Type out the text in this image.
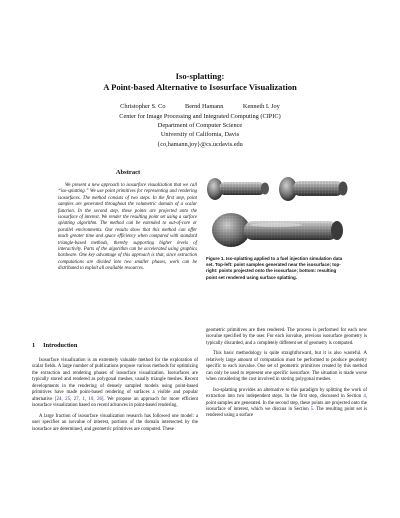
Iso-splatting:
A Point-based Alternative to Isosurface Visualization
Christopher S. Co	Bernd Hamann	Kenneth I. Joy
Center for Image Processing and Integrated Computing (CIPIC)
Department of Computer Science
University of California, Davis
{co,hamann,joy}@cs.ucdavis.edu
Abstract
We present a new approach to isosurface visualization that we call “iso-splatting.” We use point primitives for representing and rendering isosurfaces. The method consists of two steps. In the first step, point samples are generated throughout the volumetric domain of a scalar function. In the second step, these points are projected onto the isosurface of interest. We render the resulting point set using a surface splatting algorithm. The method can be extended to out-of-core or parallel environments. Our results show that this method can offer much greater time and space efficiency when compared with standard triangle-based methods, thereby supporting higher levels of interactivity. Parts of the algorithm can be accelerated using graphics hardware. One key advantage of this approach is that, since extraction computations are divided into two smaller phases, work can be distributed to exploit all available resources.
Figure 1. Iso-splatting applied to a fuel injection simulation data set. Top-left: point samples generated near the isosurface; top-right: points projected onto the isosurface; bottom: resulting point set rendered using surface splatting.
1 Introduction

Isosurface visualization is an extremely valuable method for the exploration of scalar fields. A large number of publications propose various methods for optimizing the extraction and rendering phases of isosurface visualization. Isosurfaces are typically stored and rendered as polygonal meshes, usually triangle meshes. Recent developments in the rendering of densely sampled models using point-based primitives have made point-based rendering of surfaces a visible and popular alternative [24, 25, 27, 1, 10, 26]. We propose an approach for more efficient isosurface visualization based on recent advances in point-based rendering.

A large fraction of isosurface visualization research has followed one model: a user specifies an isovalue of interest, portions of the domain intersected by the isosurface are determined, and geometric primitives are computed. These

geometric primitives are then rendered. The process is performed for each new isovalue specified by the user. For each isovalue, previous isosurface geometry is typically discarded, and a completely different set of geometry is computed.

This basic methodology is quite straightforward, but it is also wasteful. A relatively large amount of computation must be performed to produce geometry specific to each isovalue. One set of geometric primitives created by this method can only be used to represent one specific isosurface. The situation is made worse when considering the cost involved in storing polygonal meshes.

Iso-splatting provides an alternative to this paradigm by splitting the work of extraction into two independent steps. In the first step, discussed in Section 4, point samples are generated. In the second step, these points are projected onto the isosurface of interest, which we discuss in Section 5. The resulting point set is rendered using a surface
